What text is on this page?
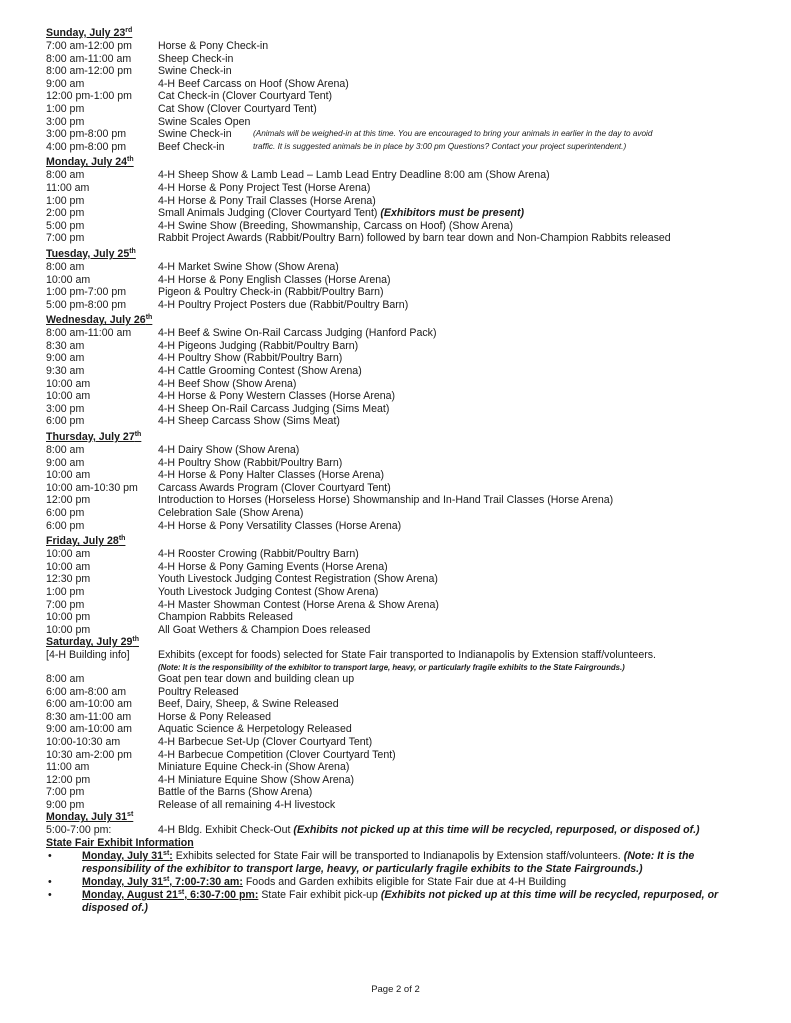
Sunday, July 23rd
7:00 am-12:00 pm	Horse & Pony Check-in
8:00 am-11:00 am	Sheep Check-in
8:00 am-12:00 pm	Swine Check-in
9:00 am	4-H Beef Carcass on Hoof (Show Arena)
12:00 pm-1:00 pm	Cat Check-in (Clover Courtyard Tent)
1:00 pm	Cat Show (Clover Courtyard Tent)
3:00 pm	Swine Scales Open
3:00 pm-8:00 pm	Swine Check-in	(Animals will be weighed-in at this time. You are encouraged to bring your animals in earlier in the day to avoid
4:00 pm-8:00 pm	Beef Check-in	traffic. It is suggested animals be in place by 3:00 pm Questions? Contact your project superintendent.)
Monday, July 24th
8:00 am	4-H Sheep Show & Lamb Lead – Lamb Lead Entry Deadline 8:00 am (Show Arena)
11:00 am	4-H Horse & Pony Project Test (Horse Arena)
1:00 pm	4-H Horse & Pony Trail Classes (Horse Arena)
2:00 pm	Small Animals Judging (Clover Courtyard Tent) (Exhibitors must be present)
5:00 pm	4-H Swine Show (Breeding, Showmanship, Carcass on Hoof) (Show Arena)
7:00 pm	Rabbit Project Awards (Rabbit/Poultry Barn) followed by barn tear down and Non-Champion Rabbits released
Tuesday, July 25th
8:00 am	4-H Market Swine Show (Show Arena)
10:00 am	4-H Horse & Pony English Classes (Horse Arena)
1:00 pm-7:00 pm	Pigeon & Poultry Check-in (Rabbit/Poultry Barn)
5:00 pm-8:00 pm	4-H Poultry Project Posters due (Rabbit/Poultry Barn)
Wednesday, July 26th
8:00 am-11:00 am	4-H Beef & Swine On-Rail Carcass Judging (Hanford Pack)
8:30 am	4-H Pigeons Judging (Rabbit/Poultry Barn)
9:00 am	4-H Poultry Show (Rabbit/Poultry Barn)
9:30 am	4-H Cattle Grooming Contest (Show Arena)
10:00 am	4-H Beef Show (Show Arena)
10:00 am	4-H Horse & Pony Western Classes (Horse Arena)
3:00 pm	4-H Sheep On-Rail Carcass Judging (Sims Meat)
6:00 pm	4-H Sheep Carcass Show (Sims Meat)
Thursday, July 27th
8:00 am	4-H Dairy Show (Show Arena)
9:00 am	4-H Poultry Show (Rabbit/Poultry Barn)
10:00 am	4-H Horse & Pony Halter Classes (Horse Arena)
10:00 am-10:30 pm	Carcass Awards Program (Clover Courtyard Tent)
12:00 pm	Introduction to Horses (Horseless Horse) Showmanship and In-Hand Trail Classes (Horse Arena)
6:00 pm	Celebration Sale (Show Arena)
6:00 pm	4-H Horse & Pony Versatility Classes (Horse Arena)
Friday, July 28th
10:00 am	4-H Rooster Crowing (Rabbit/Poultry Barn)
10:00 am	4-H Horse & Pony Gaming Events (Horse Arena)
12:30 pm	Youth Livestock Judging Contest Registration (Show Arena)
1:00 pm	Youth Livestock Judging Contest (Show Arena)
7:00 pm	4-H Master Showman Contest (Horse Arena & Show Arena)
10:00 pm	Champion Rabbits Released
10:00 pm	All Goat Wethers & Champion Does released
Saturday, July 29th
[4-H Building info]	Exhibits (except for foods) selected for State Fair transported to Indianapolis by Extension staff/volunteers.
(Note: It is the responsibility of the exhibitor to transport large, heavy, or particularly fragile exhibits to the State Fairgrounds.)
8:00 am	Goat pen tear down and building clean up
6:00 am-8:00 am	Poultry Released
6:00 am-10:00 am	Beef, Dairy, Sheep, & Swine Released
8:30 am-11:00 am	Horse & Pony Released
9:00 am-10:00 am	Aquatic Science & Herpetology Released
10:00-10:30 am	4-H Barbecue Set-Up (Clover Courtyard Tent)
10:30 am-2:00 pm	4-H Barbecue Competition (Clover Courtyard Tent)
11:00 am	Miniature Equine Check-in (Show Arena)
12:00 pm	4-H Miniature Equine Show (Show Arena)
7:00 pm	Battle of the Barns (Show Arena)
9:00 pm	Release of all remaining 4-H livestock
Monday, July 31st
5:00-7:00 pm:	4-H Bldg. Exhibit Check-Out (Exhibits not picked up at this time will be recycled, repurposed, or disposed of.)
State Fair Exhibit Information
•	Monday, July 31st: Exhibits selected for State Fair will be transported to Indianapolis by Extension staff/volunteers. (Note: It is the responsibility of the exhibitor to transport large, heavy, or particularly fragile exhibits to the State Fairgrounds.)
•	Monday, July 31st, 7:00-7:30 am: Foods and Garden exhibits eligible for State Fair due at 4-H Building
•	Monday, August 21st, 6:30-7:00 pm: State Fair exhibit pick-up (Exhibits not picked up at this time will be recycled, repurposed, or disposed of.)
Page 2 of 2
